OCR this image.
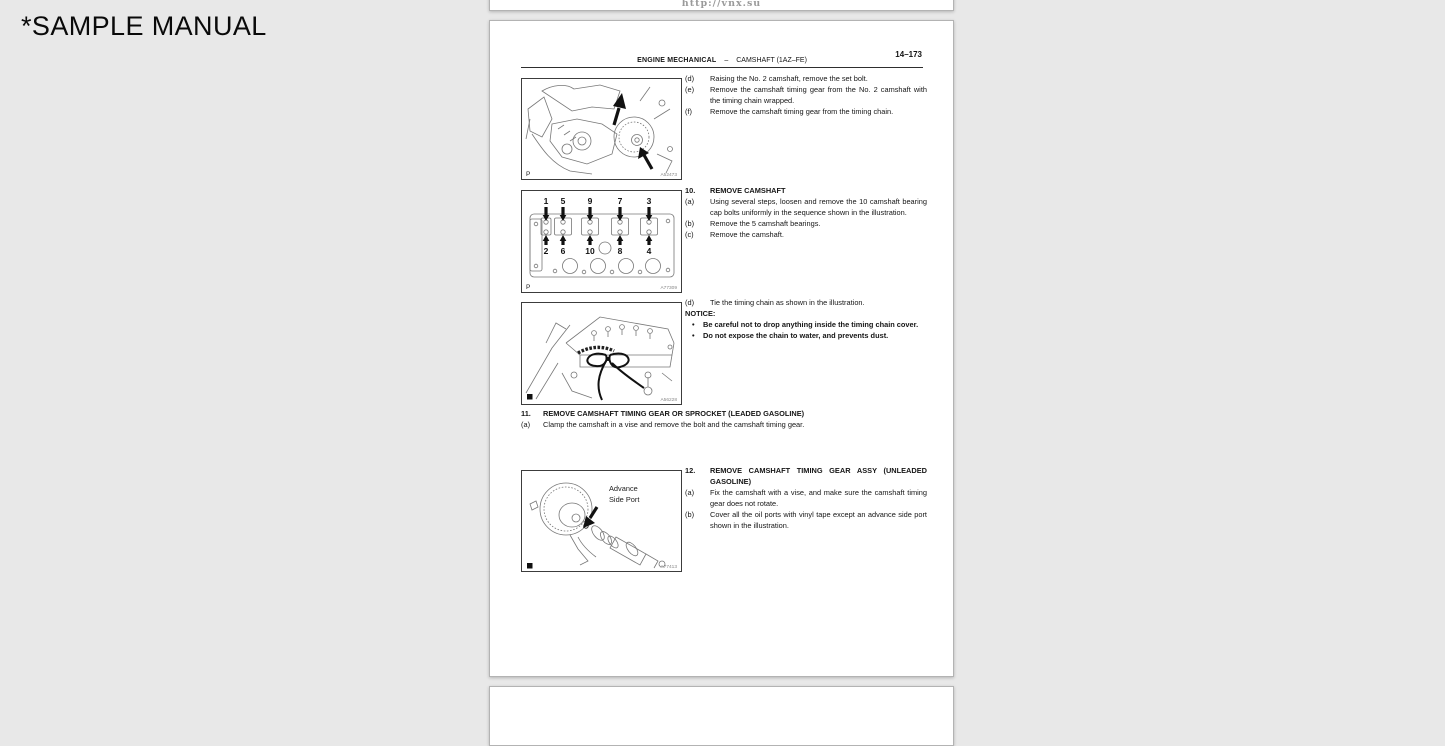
*SAMPLE MANUAL
http://vnx.su
14–173
ENGINE MECHANICAL – CAMSHAFT (1AZ–FE)
P	A52473
(d)	Raising the No. 2 camshaft, remove the set bolt.
(e)	Remove the camshaft timing gear from the No. 2 camshaft with the timing chain wrapped.
(f)	Remove the camshaft timing gear from the timing chain.
1 5	9	7	3
2 6 10	8	4
P	A77309
10.	REMOVE CAMSHAFT
(a)	Using several steps, loosen and remove the 10 camshaft bearing cap bolts uniformly in the sequence shown in the illustration.
(b)	Remove the 5 camshaft bearings.
(c)	Remove the camshaft.
A56228
(d)	Tie the timing chain as shown in the illustration.
NOTICE:
•	Be careful not to drop anything inside the timing chain cover.
•	Do not expose the chain to water, and prevents dust.
11.	REMOVE CAMSHAFT TIMING GEAR OR SPROCKET (LEADED GASOLINE)
(a)	Clamp the camshaft in a vise and remove the bolt and the camshaft timing gear.
Advance
Side Port
A77413
12.	REMOVE CAMSHAFT TIMING GEAR ASSY (UNLEADED GASOLINE)
(a)	Fix the camshaft with a vise, and make sure the camshaft timing gear does not rotate.
(b)	Cover all the oil ports with vinyl tape except an advance side port shown in the illustration.
